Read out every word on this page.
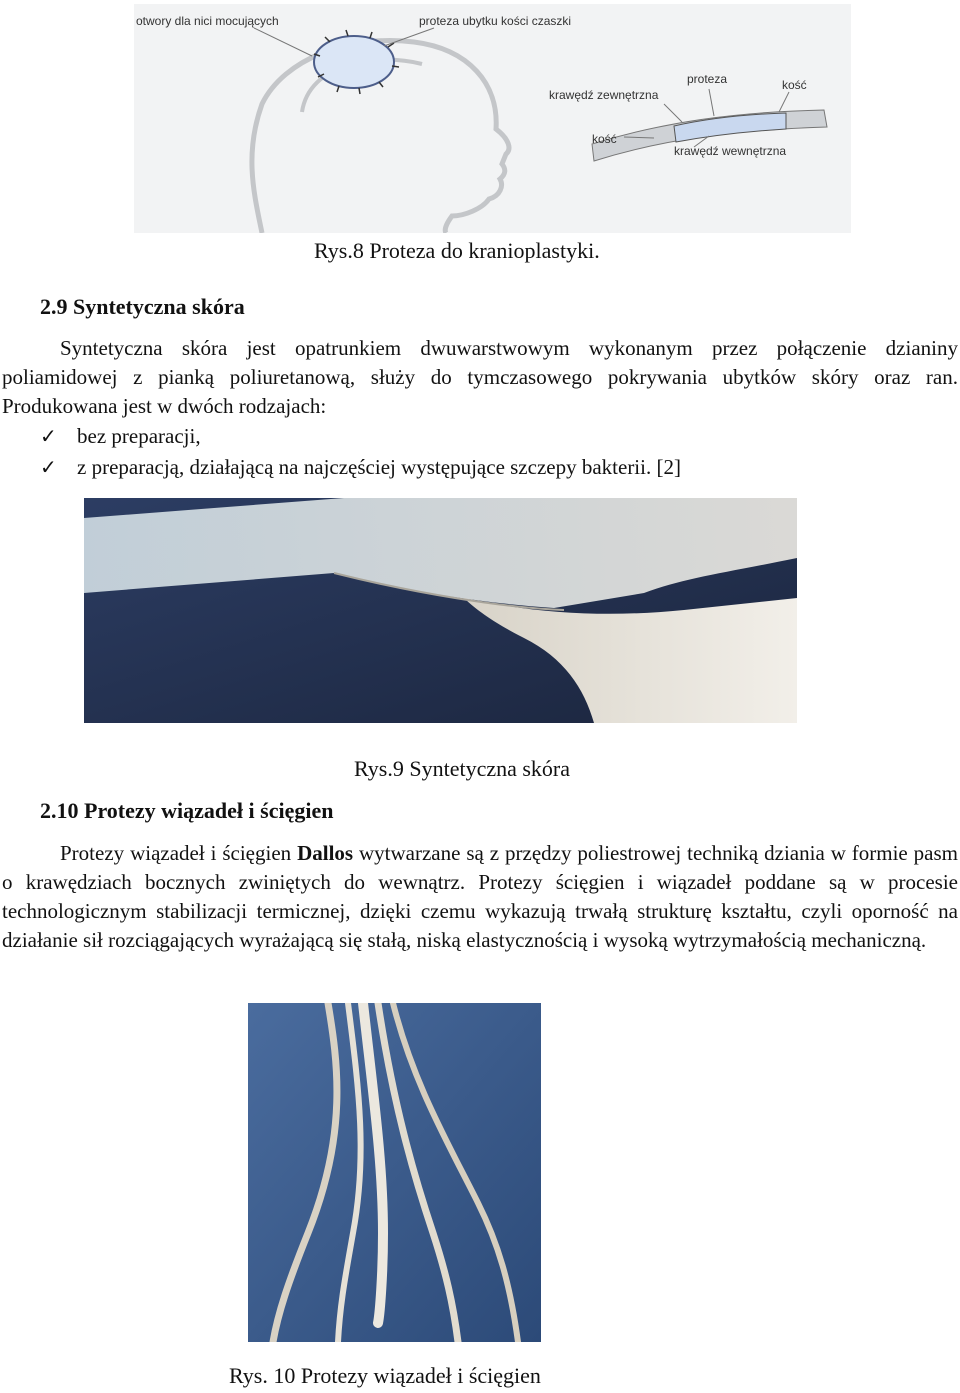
otwory dla nici mocujących	proteza ubytku kości czaszki
proteza	kość
krawędź zewnętrzna
kość
krawędź wewnętrzna
Rys.8 Proteza do kranioplastyki.
2.9 Syntetyczna skóra

Syntetyczna skóra jest opatrunkiem dwuwarstwowym wykonanym przez połączenie dzianiny poliamidowej z pianką poliuretanową, służy do tymczasowego pokrywania ubytków skóry oraz ran. Produkowana jest w dwóch rodzajach:

✓ bez preparacji,
✓ z preparacją, działającą na najczęściej występujące szczepy bakterii. [2]
Rys.9 Syntetyczna skóra
2.10 Protezy wiązadeł i ścięgien

Protezy wiązadeł i ścięgien Dallos wytwarzane są z przędzy poliestrowej techniką dziania w formie pasm o krawędziach bocznych zwiniętych do wewnątrz. Protezy ścięgien i wiązadeł poddane są w procesie technologicznym stabilizacji termicznej, dzięki czemu wykazują trwałą strukturę kształtu, czyli oporność na działanie sił rozciągających wyrażającą się stałą, niską elastycznością i wysoką wytrzymałością mechaniczną.

Rys. 10 Protezy wiązadeł i ścięgien
